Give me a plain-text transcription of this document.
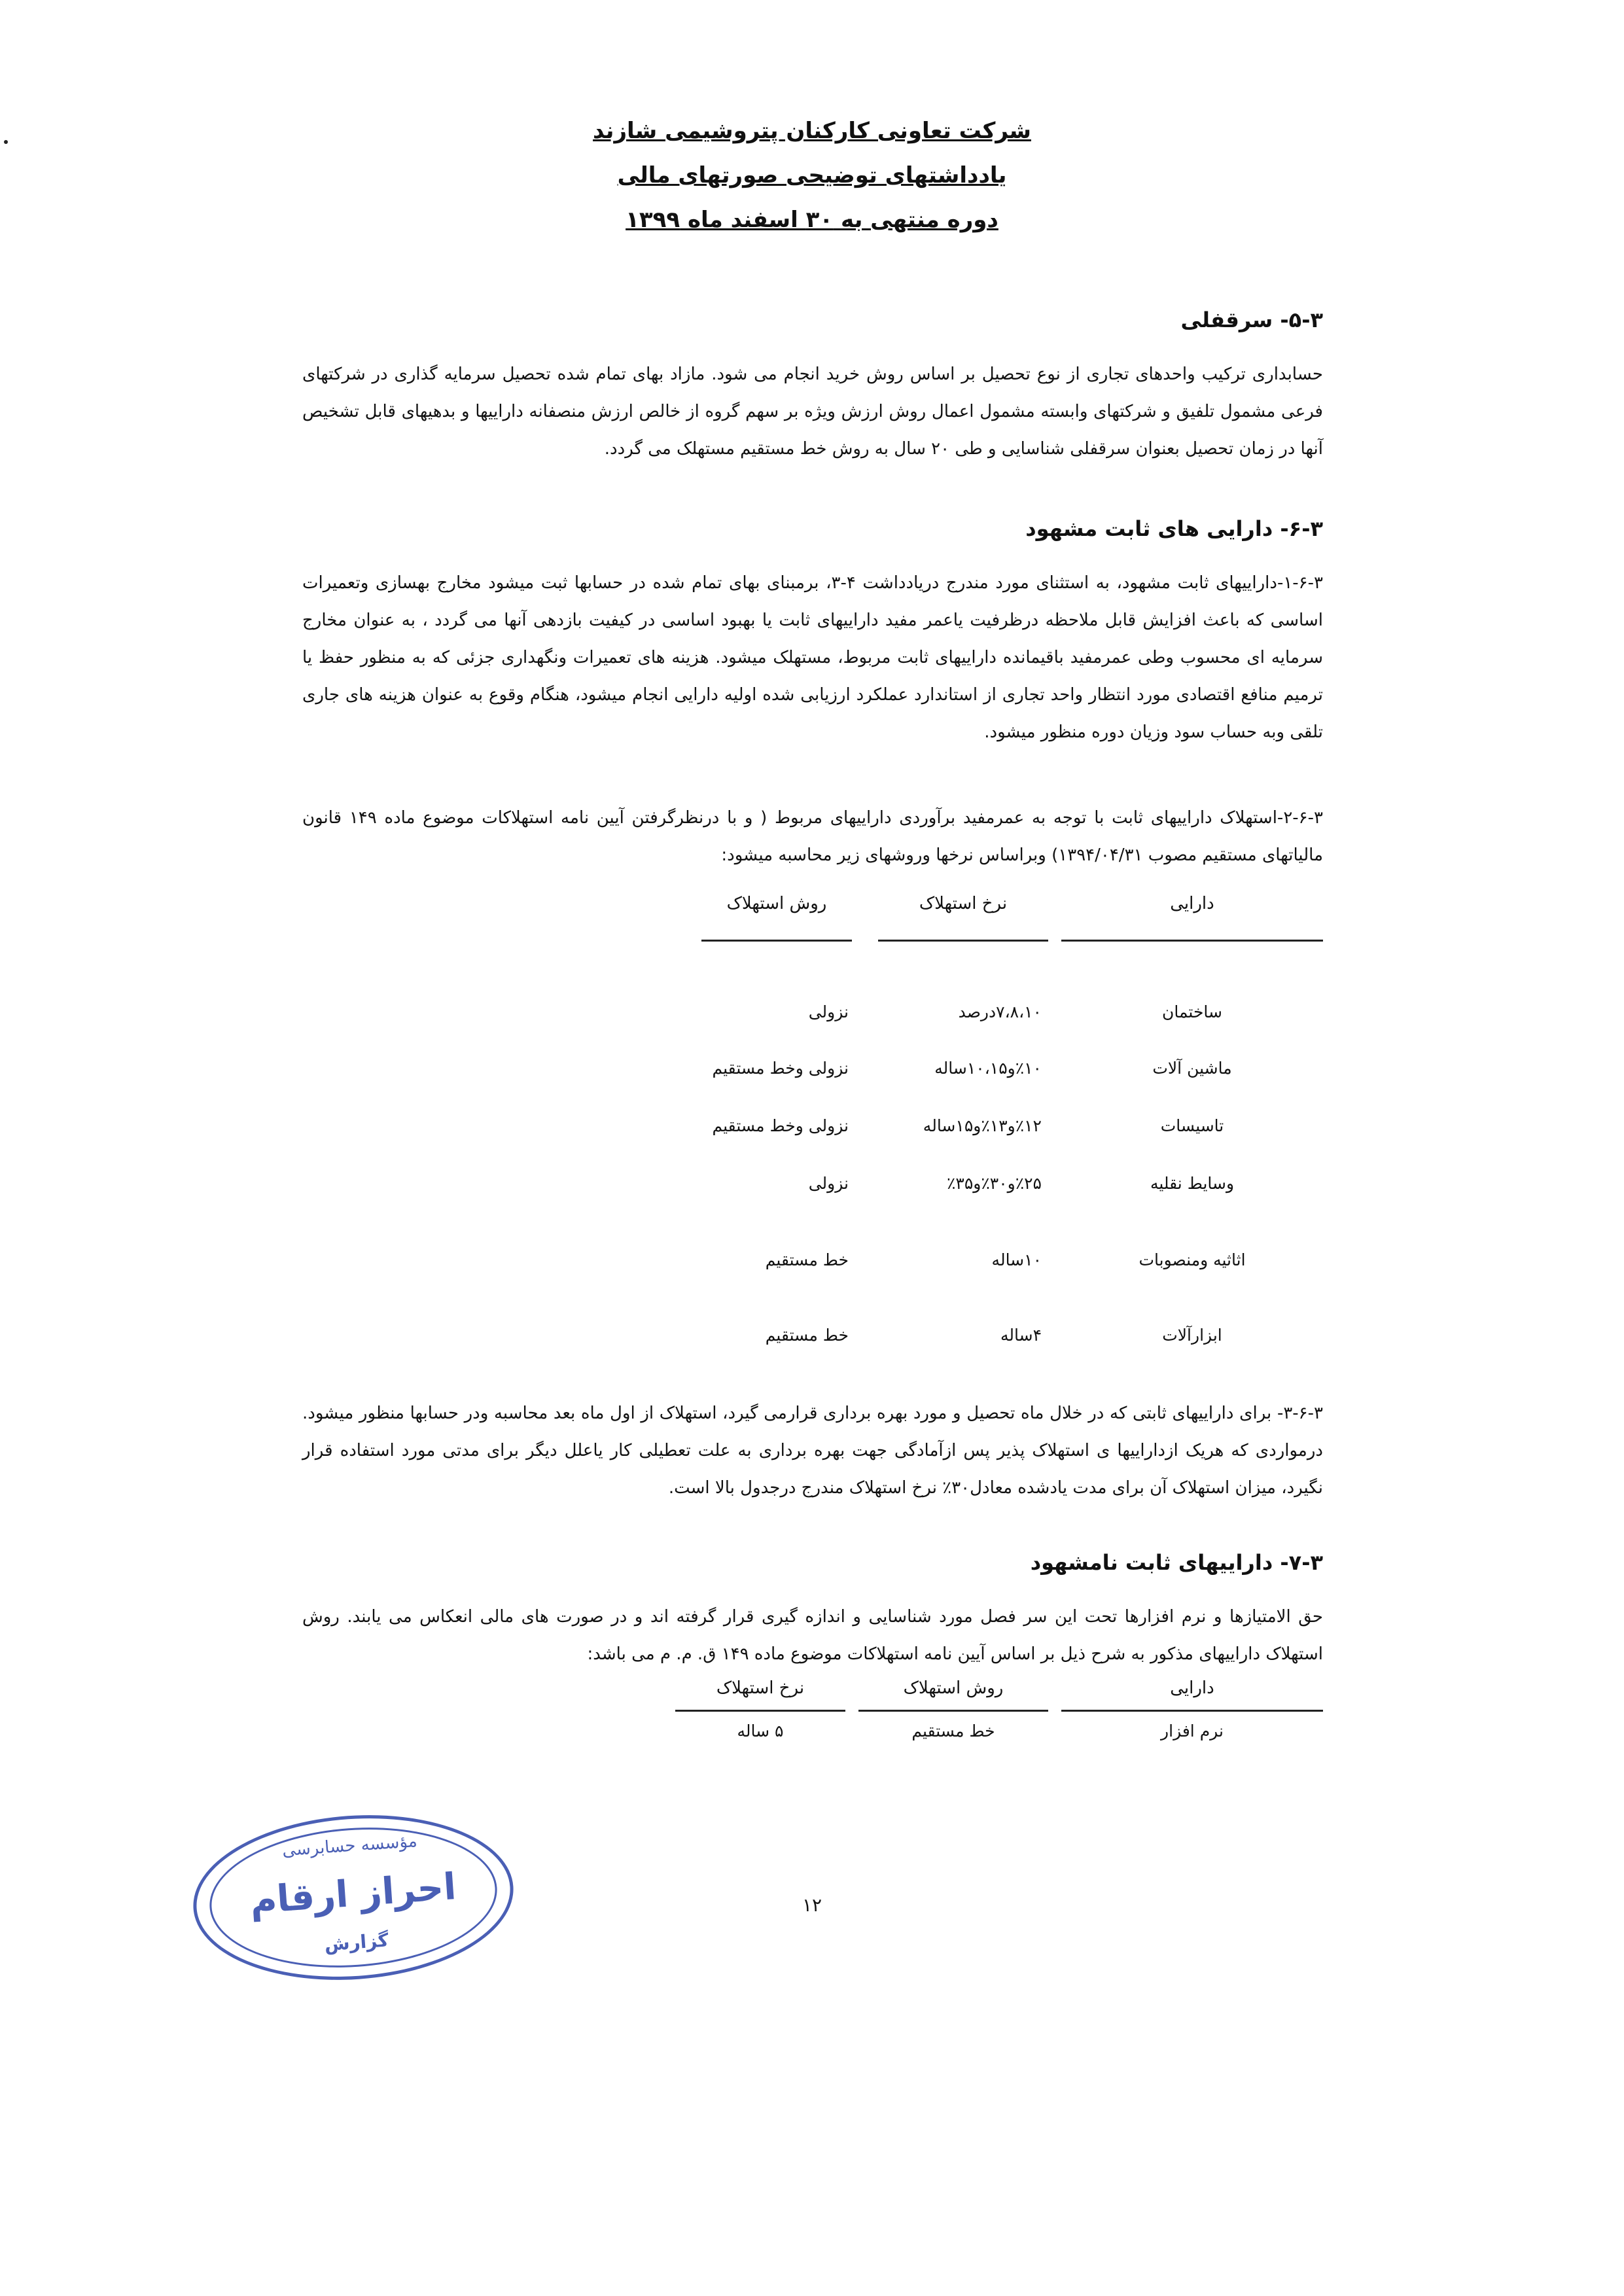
شرکت تعاونی کارکنان پتروشیمی شازند
یادداشتهای توضیحی صورتهای مالی
دوره منتهی به ۳۰ اسفند ماه ۱۳۹۹
۵-۳- سرقفلی

حسابداری ترکیب واحدهای تجاری از نوع تحصیل بر اساس روش خرید انجام می شود. مازاد بهای تمام شده تحصیل سرمایه گذاری در شرکتهای فرعی مشمول تلفیق و شرکتهای وابسته مشمول اعمال روش ارزش ویژه بر سهم گروه از خالص ارزش منصفانه داراییها و بدهیهای قابل تشخیص آنها در زمان تحصیل بعنوان سرقفلی شناسایی و طی ۲۰ سال به روش خط مستقیم مستهلک می گردد.

۶-۳- دارایی های ثابت مشهود

۱-۶-۳-داراییهای ثابت مشهود، به استثنای مورد مندرج دریادداشت ۴-۳، برمبنای بهای تمام شده در حسابها ثبت میشود مخارج بهسازی وتعمیرات اساسی که باعث افزایش قابل ملاحظه درظرفیت یاعمر مفید داراییهای ثابت یا بهبود اساسی در کیفیت بازدهی آنها می گردد ، به عنوان مخارج سرمایه ای محسوب وطی عمرمفید باقیمانده داراییهای ثابت مربوط، مستهلک میشود. هزینه های تعمیرات ونگهداری جزئی که به منظور حفظ یا ترمیم منافع اقتصادی مورد انتظار واحد تجاری از استاندارد عملکرد ارزیابی شده اولیه دارایی انجام میشود، هنگام وقوع به عنوان هزینه های جاری تلقی وبه حساب سود وزیان دوره منظور میشود.

۲-۶-۳-استهلاک داراییهای ثابت با توجه به عمرمفید برآوردی داراییهای مربوط ( و با درنظرگرفتن آیین نامه استهلاکات موضوع ماده ۱۴۹ قانون مالیاتهای مستقیم مصوب ۱۳۹۴/۰۴/۳۱) وبراساس نرخها وروشهای زیر محاسبه میشود:

دارایی
نرخ استهلاک
روش استهلاک
ساختمان
۷،۸،۱۰درصد
نزولی
ماشین آلات
٪۱۰و۱۰،۱۵ساله
نزولی وخط مستقیم
تاسیسات
٪۱۲و۱۳٪و۱۵ساله
نزولی وخط مستقیم
وسایط نقلیه
٪۲۵و۳۰٪و۳۵٪
نزولی
اثاثیه ومنصوبات
۱۰ساله
خط مستقیم
ابزارآلات
۴ساله
خط مستقیم

۳-۶-۳- برای داراییهای ثابتی که در خلال ماه تحصیل و مورد بهره برداری قرارمی گیرد، استهلاک از اول ماه بعد محاسبه ودر حسابها منظور میشود. درمواردی که هریک ازداراییها ی استهلاک پذیر پس ازآمادگی جهت بهره برداری به علت تعطیلی کار یاعلل دیگر برای مدتی مورد استفاده قرار نگیرد، میزان استهلاک آن برای مدت یادشده معادل۳۰٪ نرخ استهلاک مندرج درجدول بالا است.

۷-۳- داراییهای ثابت نامشهود

حق الامتیازها و نرم افزارها تحت این سر فصل مورد شناسایی و اندازه گیری قرار گرفته اند و در صورت های مالی انعکاس می یابند. روش استهلاک داراییهای مذکور به شرح ذیل بر اساس آیین نامه استهلاکات موضوع ماده ۱۴۹ ق. م. م می باشد:

دارایی
روش استهلاک
نرخ استهلاک
نرم افزار
خط مستقیم
۵ ساله
۱۲
مؤسسه حسابرسی
احراز ارقام
گزارش
